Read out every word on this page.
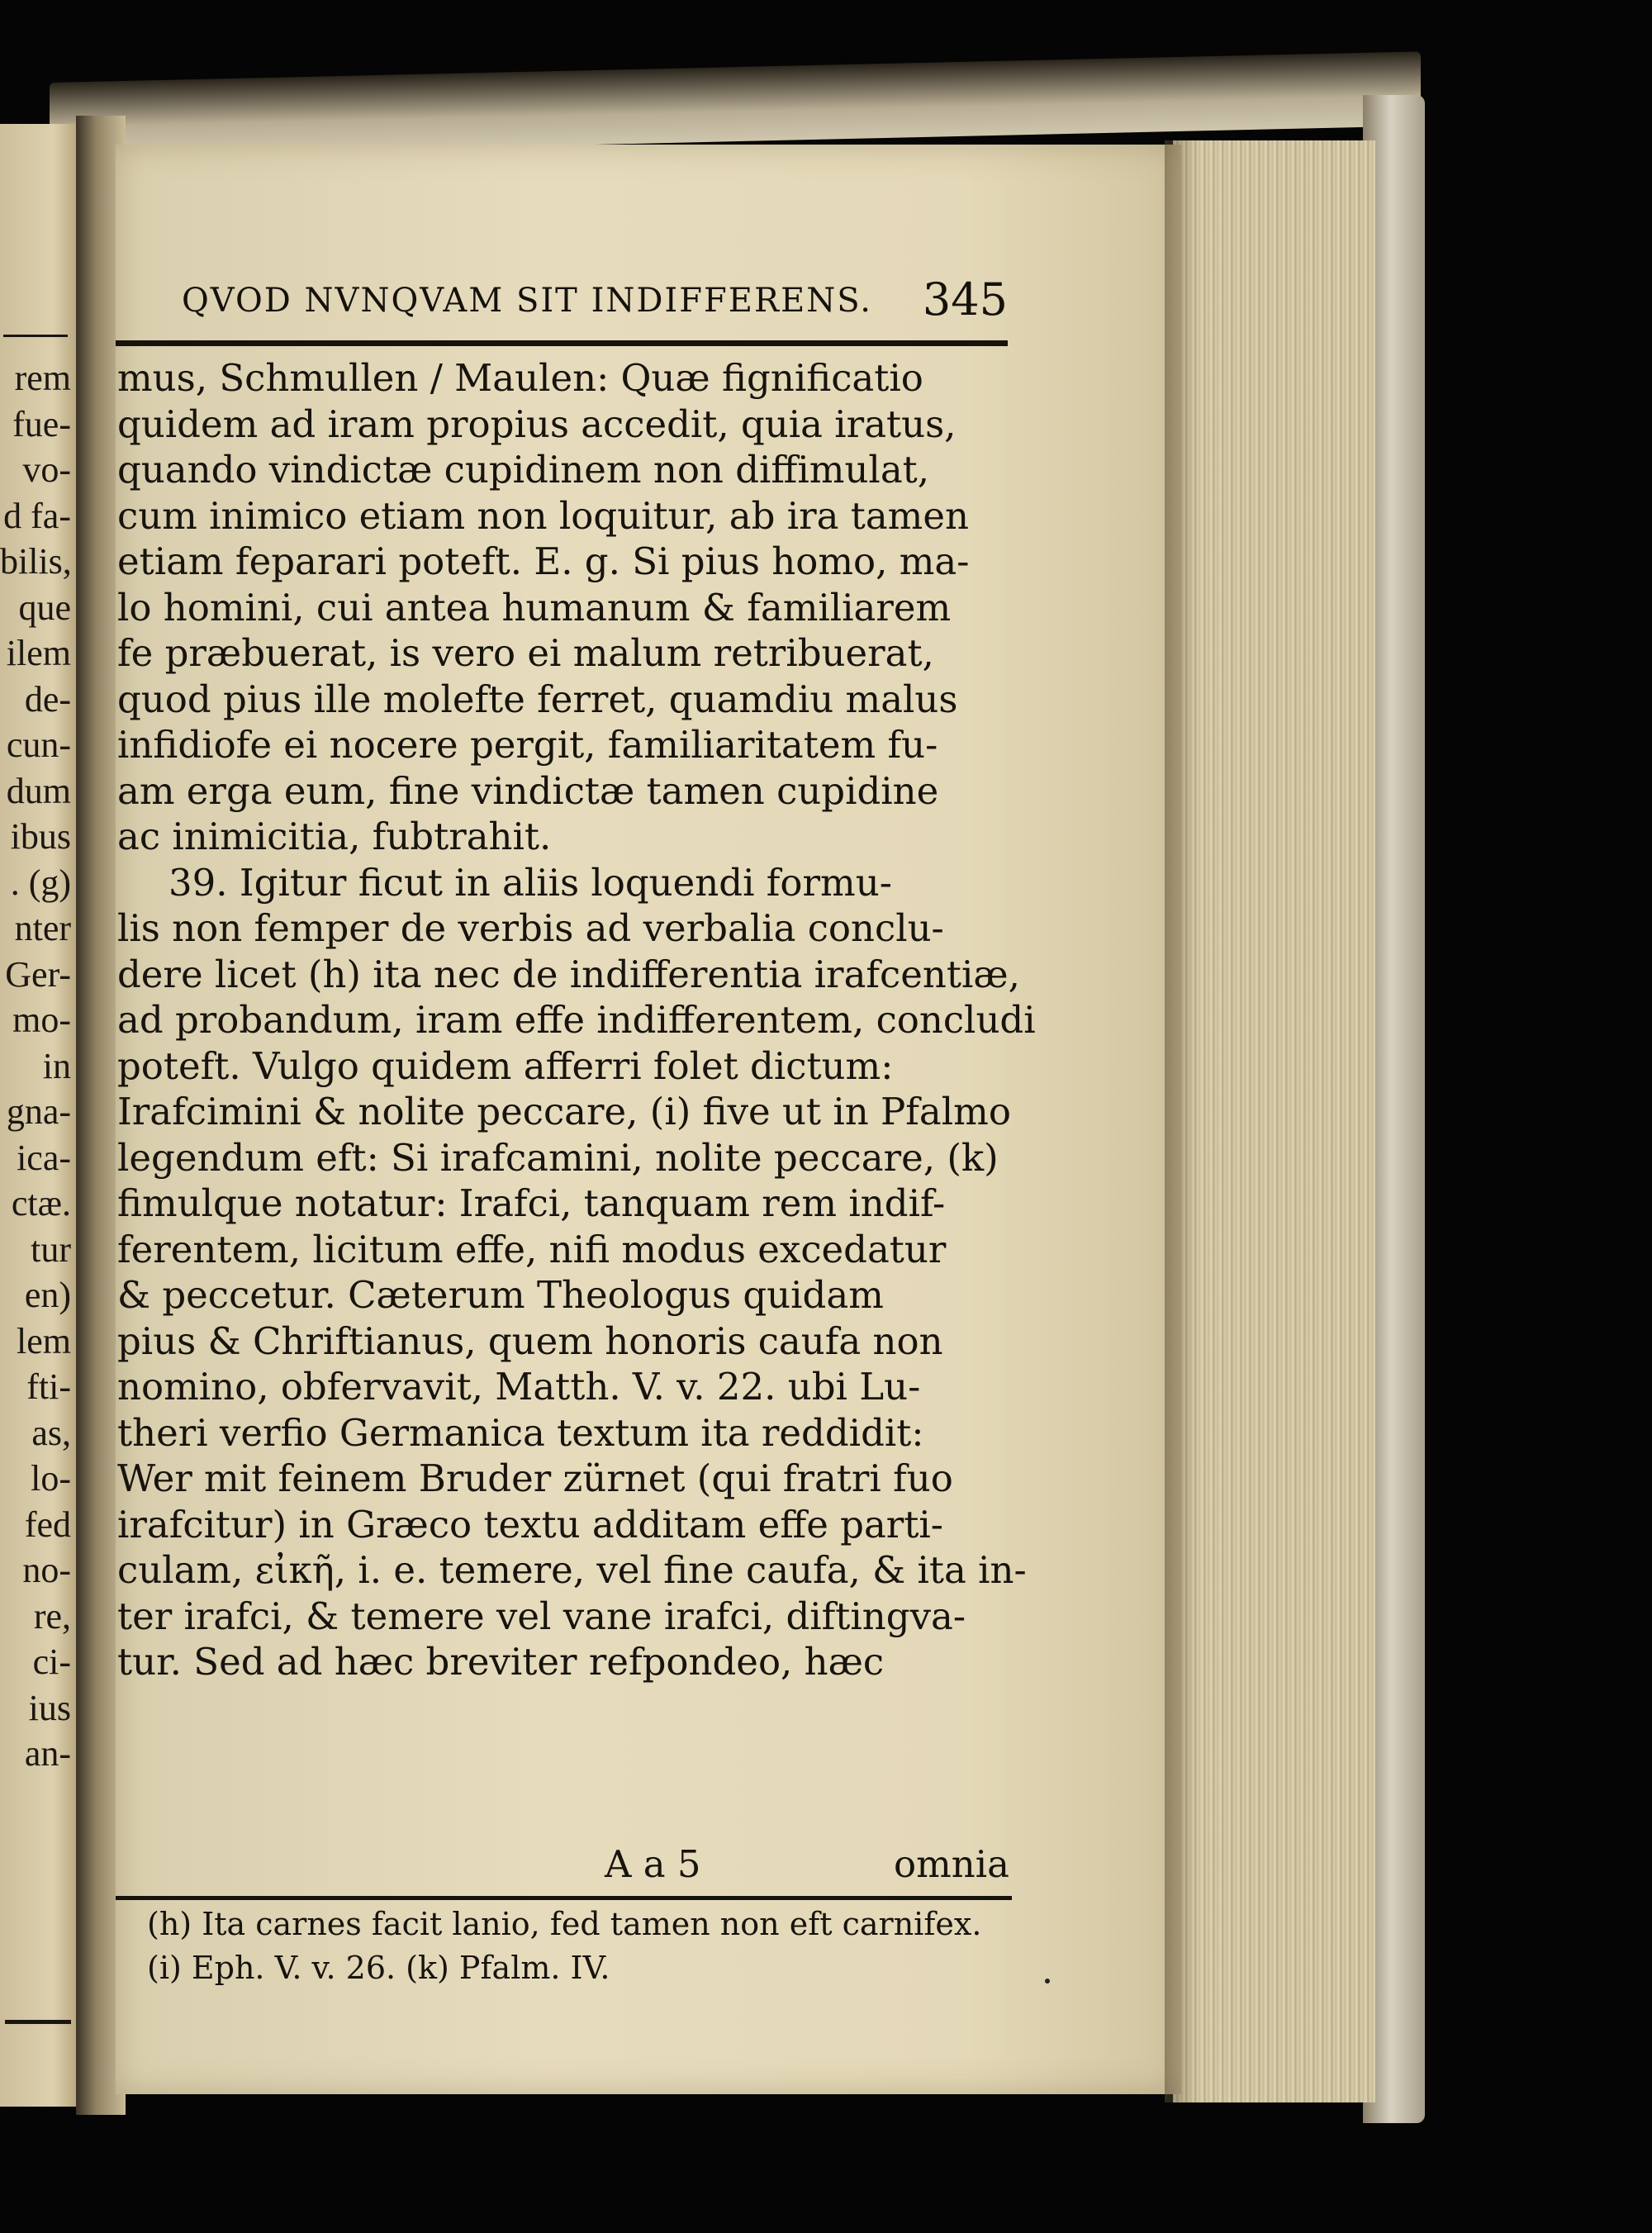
rem
fue-
vo-
d fa-
bilis,
que
ilem
de-
cun-
dum
ibus
. (g)
nter
Ger-
mo-
in
gna-
ica-
ctæ.
tur
en)
lem
fti-
as,
lo-
fed
no-
re,
ci-
ius
an-
QVOD NVNQVAM SIT INDIFFERENS. 345
mus, Schmullen / Maulen: Quæ fignificatio
quidem ad iram propius accedit, quia iratus,
quando vindictæ cupidinem non diffimulat,
cum inimico etiam non loquitur, ab ira tamen
etiam feparari poteft. E. g. Si pius homo, ma-
lo homini, cui antea humanum & familiarem
fe præbuerat, is vero ei malum retribuerat,
quod pius ille molefte ferret, quamdiu malus
infidiofe ei nocere pergit, familiaritatem fu-
am erga eum, fine vindictæ tamen cupidine
ac inimicitia, fubtrahit.
39. Igitur ficut in aliis loquendi formu-
lis non femper de verbis ad verbalia conclu-
dere licet (h) ita nec de indifferentia irafcentiæ,
ad probandum, iram effe indifferentem, concludi
poteft. Vulgo quidem afferri folet dictum:
Irafcimini & nolite peccare, (i) five ut in Pfalmo
legendum eft: Si irafcamini, nolite peccare, (k)
fimulque notatur: Irafci, tanquam rem indif-
ferentem, licitum effe, nifi modus excedatur
& peccetur. Cæterum Theologus quidam
pius & Chriftianus, quem honoris caufa non
nomino, obfervavit, Matth. V. v. 22. ubi Lu-
theri verfio Germanica textum ita reddidit:
Wer mit feinem Bruder zürnet (qui fratri fuo
irafcitur) in Græco textu additam effe parti-
culam, εἰκῆ, i. e. temere, vel fine caufa, & ita in-
ter irafci, & temere vel vane irafci, diftingva-
tur. Sed ad hæc breviter refpondeo, hæc
A a 5	omnia
(h) Ita carnes facit lanio, fed tamen non eft carnifex.
(i) Eph. V. v. 26. (k) Pfalm. IV.
